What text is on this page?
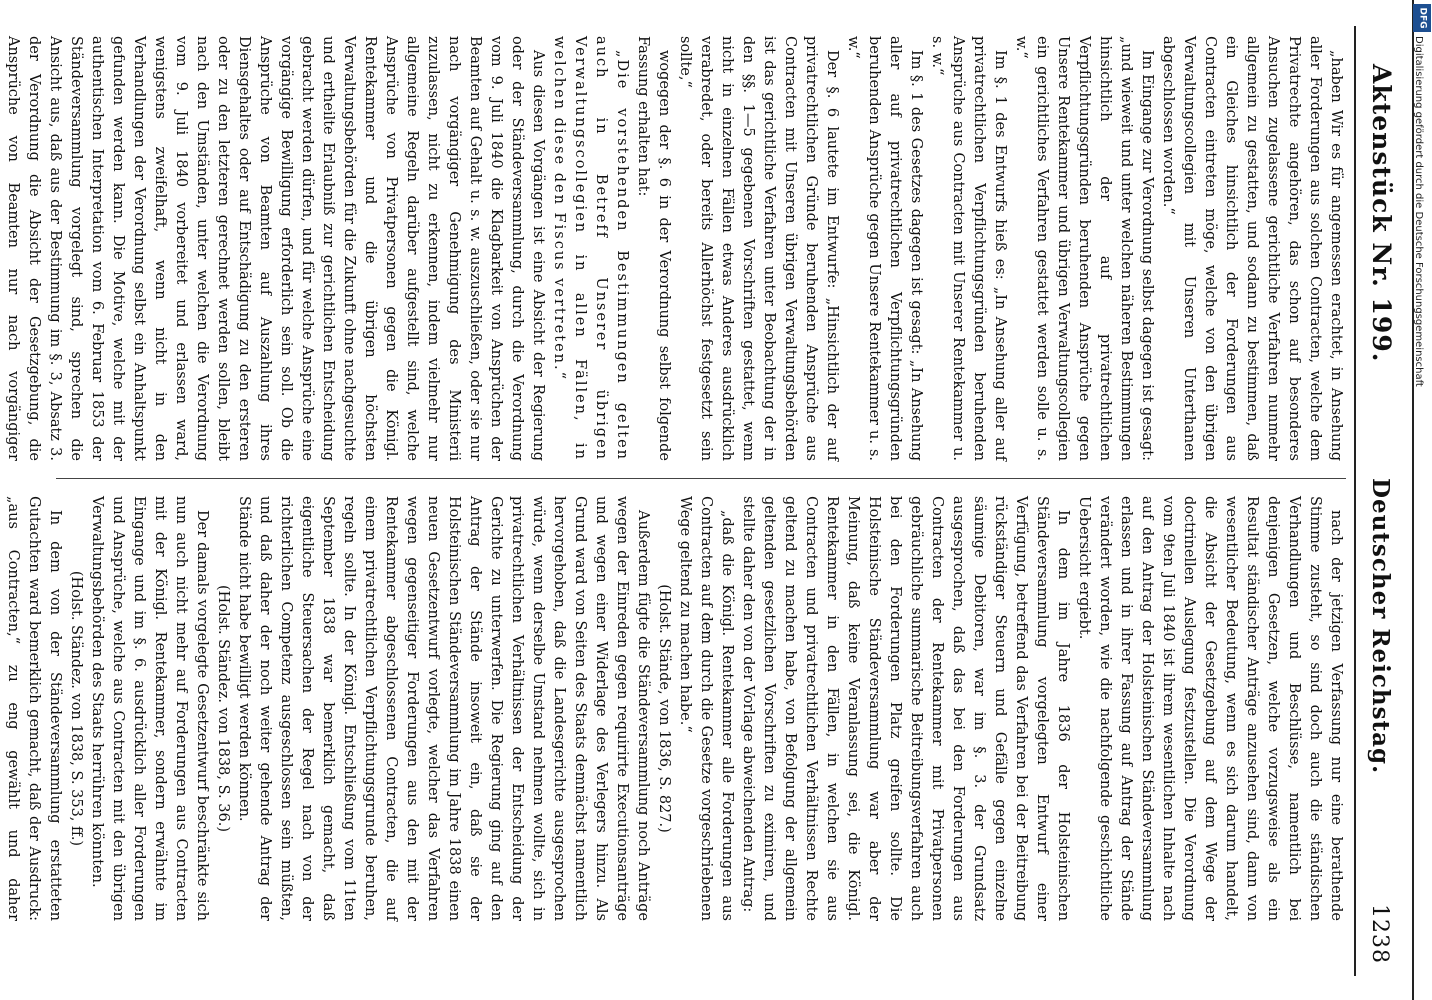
DFG
Digitalisierung gefördert durch die Deutsche Forschungsgemeinschaft
Aktenstück Nr. 199.
Deutscher Reichstag.
1238

„haben Wir es für angemessen erachtet, in Ansehung aller Forderungen aus solchen Contracten, welche dem Privatrechte angehören, das schon auf besonderes Ansuchen zugelassene gerichtliche Verfahren nunmehr allgemein zu gestatten, und sodann zu bestimmen, daß ein Gleiches hinsichtlich der Forderungen aus Contracten eintreten möge, welche von den übrigen Verwaltungscollegien mit Unseren Unterthanen abgeschlossen worden.“

Im Eingange zur Verordnung selbst dagegen ist gesagt: „und wieweit und unter welchen näheren Bestimmungen hinsichtlich der auf privatrechtlichen Verpflichtungsgründen beruhenden Ansprüche gegen Unsere Rentekammer und übrigen Verwaltungscollegien ein gerichtliches Verfahren gestattet werden solle u. s. w.“

Im §. 1 des Entwurfs hieß es: „In Ansehung aller auf privatrechtlichen Verpflichtungsgründen beruhenden Ansprüche aus Contracten mit Unserer Rentekammer u. s. w.“

Im §. 1 des Gesetzes dagegen ist gesagt: „In Ansehung aller auf privatrechtlichen Verpflichtungsgründen beruhenden Ansprüche gegen Unsere Rentekammer u. s. w.“

Der §. 6 lautete im Entwurfe: „Hinsichtlich der auf privatrechtlichen Gründe beruhenden Ansprüche aus Contracten mit Unseren übrigen Verwaltungsbehörden ist das gerichtliche Verfahren unter Beobachtung der in den §§. 1—5 gegebenen Vorschriften gestattet, wenn nicht in einzelnen Fällen etwas Anderes ausdrücklich verabredet, oder bereits Allerhöchst festgesetzt sein sollte,“

wogegen der §. 6 in der Verordnung selbst folgende Fassung erhalten hat:

„Die vorstehenden Bestimmungen gelten auch in Betreff Unserer übrigen Verwaltungscollegien in allen Fällen, in welchen diese den Fiscus vertreten.“

Aus diesen Vorgängen ist eine Absicht der Regierung oder der Ständeversammlung, durch die Verordnung vom 9. Juli 1840 die Klagbarkeit von Ansprüchen der Beamten auf Gehalt u. s. w. auszuschließen, oder sie nur nach vorgängiger Genehmigung des Ministerii zuzulassen, nicht zu erkennen, indem vielmehr nur allgemeine Regeln darüber aufgestellt sind, welche Ansprüche von Privatpersonen gegen die Königl. Rentekammer und die übrigen höchsten Verwaltungsbehörden für die Zukunft ohne nachgesuchte und ertheilte Erlaubniß zur gerichtlichen Entscheidung gebracht werden dürfen, und für welche Ansprüche eine vorgängige Bewilligung erforderlich sein soll. Ob die Ansprüche von Beamten auf Auszahlung ihres Diensgehaltes oder auf Entschädigung zu den ersteren oder zu den letzteren gerechnet werden sollen, bleibt nach den Umständen, unter welchen die Verordnung vom 9. Juli 1840 vorbereitet und erlassen ward, wenigstens zweifelhaft, wenn nicht in den Verhandlungen der Verordnung selbst ein Anhaltspunkt gefunden werden kann. Die Motive, welche mit der authentischen Interpretation vom 6. Februar 1853 der Ständeversammlung vorgelegt sind, sprechen die Ansicht aus, daß aus der Bestimmung im §. 3, Absatz 3. der Verordnung die Absicht der Gesetzgebung, die Ansprüche von Beamten nur nach vorgängiger

nach der jetzigen Verfassung nur eine berathende Stimme zusteht, so sind doch auch die ständischen Verhandlungen und Beschlüsse, namentlich bei denjenigen Gesetzen, welche vorzugsweise als ein Resultat ständischer Anträge anzusehen sind, dann von wesentlicher Bedeutung, wenn es sich darum handelt, die Absicht der Gesetzgebung auf dem Wege der doctrinellen Auslegung festzustellen. Die Verordnung vom 9ten Juli 1840 ist ihrem wesentlichen Inhalte nach auf den Antrag der Holsteinischen Ständeversammlung erlassen und in ihrer Fassung auf Antrag der Stände verändert worden, wie die nachfolgende geschichtliche Uebersicht ergiebt.

In dem im Jahre 1836 der Holsteinischen Ständeversammlung vorgelegten Entwurf einer Verfügung, betreffend das Verfahren bei der Beitreibung rückständiger Steuern und Gefälle gegen einzelne säumige Debitoren, war im §. 3. der Grundsatz ausgesprochen, daß das bei den Forderungen aus Contracten der Rentekammer mit Privatpersonen gebräuchliche summarische Beitreibungsverfahren auch bei den Forderungen Platz greifen sollte. Die Holsteinische Ständeversammlung war aber der Meinung, daß keine Veranlassung sei, die Königl. Rentekammer in den Fällen, in welchen sie aus Contracten und privatrechtlichen Verhältnissen Rechte geltend zu machen habe, von Befolgung der allgemein geltenden gesetzlichen Vorschriften zu eximiren, und stellte daher den von der Vorlage abweichenden Antrag:

„daß die Königl. Rentekammer alle Forderungen aus Contracten auf dem durch die Gesetze vorgeschriebenen Wege geltend zu machen habe.“

(Holst. Stände, von 1836, S. 827.)

Außerdem fügte die Ständeversammlung noch Anträge wegen der Einreden gegen requirirte Executionsanträge und wegen einer Widerlage des Verlegers hinzu. Als Grund ward von Seiten des Staats demnächst namentlich hervorgehoben, daß die Landesgerichte ausgesprochen würde, wenn derselbe Umstand nehmen wollte, sich in privatrechtlichen Verhältnissen der Entscheidung der Gerichte zu unterwerfen. Die Regierung ging auf den Antrag der Stände insoweit ein, daß sie der Holsteinischen Ständeversammlung im Jahre 1838 einen neuen Gesetzentwurf vorlegte, welcher das Verfahren wegen gegenseitiger Forderungen aus den mit der Rentekammer abgeschlossenen Contracten, die auf einem privatrechtlichen Verpflichtungsgrunde beruhen, regeln sollte. In der Königl. Entschließung vom 11ten September 1838 war bemerklich gemacht, daß eigentliche Steuersachen der Regel nach von der richterlichen Competenz ausgeschlossen sein müßten, und daß daher der noch weiter gehende Antrag der Stände nicht habe bewilligt werden können.

(Holst. Ständez. von 1838, S. 36.)

Der damals vorgelegte Gesetzentwurf beschränkte sich nun auch nicht mehr auf Forderungen aus Contracten mit der Königl. Rentekammer, sondern erwähnte im Eingange und im §. 6. ausdrücklich aller Forderungen und Ansprüche, welche aus Contracten mit den übrigen Verwaltungsbehörden des Staats herrühren könnten.

(Holst. Ständez. von 1838, S. 353, ff.)

In dem von der Ständeversammlung erstatteten Gutachten ward bemerklich gemacht, daß der Ausdruck: „aus Contracten,“ zu eng gewählt und daher
